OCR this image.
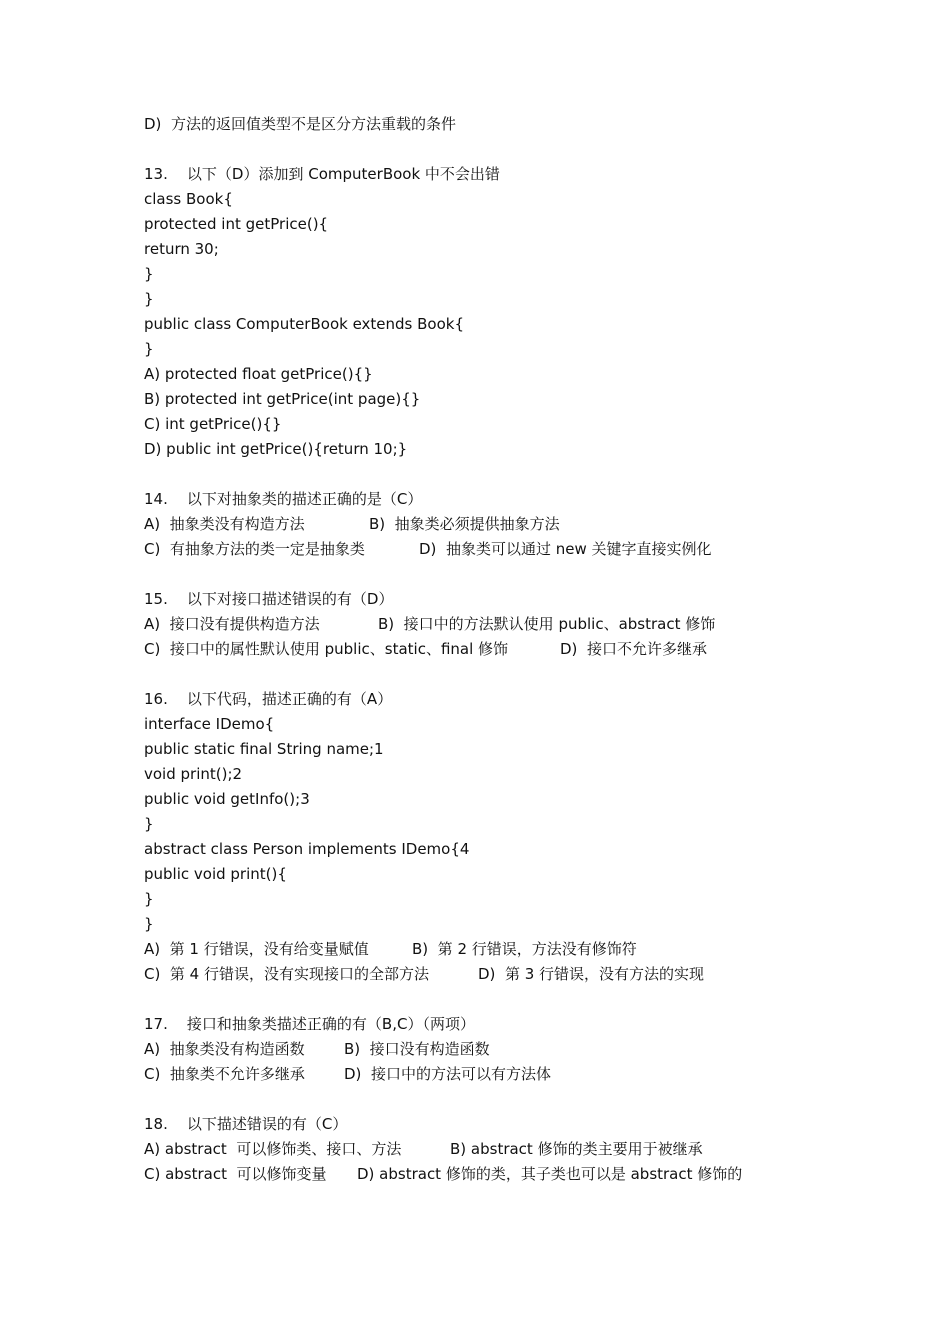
D)  方法的返回值类型不是区分方法重载的条件
13.    以下（D）添加到 ComputerBook 中不会出错
class Book{
protected int getPrice(){
return 30;
}
}
public class ComputerBook extends Book{
}
A) protected float getPrice(){}
B) protected int getPrice(int page){}
C) int getPrice(){}
D) public int getPrice(){return 10;}
14.    以下对抽象类的描述正确的是（C）
A)  抽象类没有构造方法	B)  抽象类必须提供抽象方法
C)  有抽象方法的类一定是抽象类	D)  抽象类可以通过 new 关键字直接实例化
15.    以下对接口描述错误的有（D）
A)  接口没有提供构造方法	B)  接口中的方法默认使用 public、abstract 修饰
C)  接口中的属性默认使用 public、static、final 修饰	D)  接口不允许多继承
16.    以下代码，描述正确的有（A）
interface IDemo{
public static final String name;1
void print();2
public void getInfo();3
}
abstract class Person implements IDemo{4
public void print(){
}
}
A)  第 1 行错误，没有给变量赋值	B)  第 2 行错误，方法没有修饰符
C)  第 4 行错误，没有实现接口的全部方法	D)  第 3 行错误，没有方法的实现
17.    接口和抽象类描述正确的有（B,C）（两项）
A)  抽象类没有构造函数	B)  接口没有构造函数
C)  抽象类不允许多继承	D)  接口中的方法可以有方法体
18.    以下描述错误的有（C）
A) abstract  可以修饰类、接口、方法	B) abstract 修饰的类主要用于被继承
C) abstract  可以修饰变量	D) abstract 修饰的类，其子类也可以是 abstract 修饰的
